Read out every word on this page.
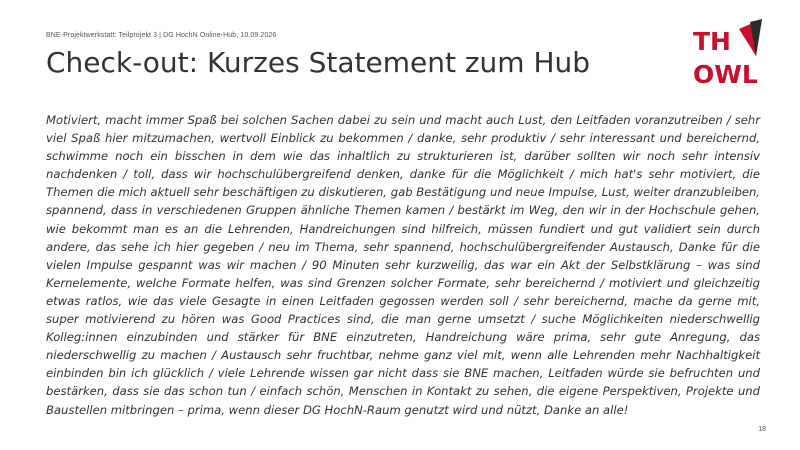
BNE-Projektwerkstatt: Teilprojekt 3 | DG HochN Online-Hub, 10.09.2026
Check-out: Kurzes Statement zum Hub
TH
OWL

Motiviert, macht immer Spaß bei solchen Sachen dabei zu sein und macht auch Lust, den Leitfaden voranzutreiben / sehr viel Spaß hier mitzumachen, wertvoll Einblick zu bekommen / danke, sehr produktiv / sehr interessant und bereichernd, schwimme noch ein bisschen in dem wie das inhaltlich zu strukturieren ist, darüber sollten wir noch sehr intensiv nachdenken / toll, dass wir hochschulübergreifend denken, danke für die Möglichkeit / mich hat's sehr motiviert, die Themen die mich aktuell sehr beschäftigen zu diskutieren, gab Bestätigung und neue Impulse, Lust, weiter dranzubleiben, spannend, dass in verschiedenen Gruppen ähnliche Themen kamen / bestärkt im Weg, den wir in der Hochschule gehen, wie bekommt man es an die Lehrenden, Handreichungen sind hilfreich, müssen fundiert und gut validiert sein durch andere, das sehe ich hier gegeben / neu im Thema, sehr spannend, hochschulübergreifender Austausch, Danke für die vielen Impulse gespannt was wir machen / 90 Minuten sehr kurzweilig, das war ein Akt der Selbstklärung – was sind Kernelemente, welche Formate helfen, was sind Grenzen solcher Formate, sehr bereichernd / motiviert und gleichzeitig etwas ratlos, wie das viele Gesagte in einen Leitfaden gegossen werden soll / sehr bereichernd, mache da gerne mit, super motivierend zu hören was Good Practices sind, die man gerne umsetzt / suche Möglichkeiten niederschwellig Kolleg:innen einzubinden und stärker für BNE einzutreten, Handreichung wäre prima, sehr gute Anregung, das niederschwellig zu machen / Austausch sehr fruchtbar, nehme ganz viel mit, wenn alle Lehrenden mehr Nachhaltigkeit einbinden bin ich glücklich / viele Lehrende wissen gar nicht dass sie BNE machen, Leitfaden würde sie befruchten und bestärken, dass sie das schon tun / einfach schön, Menschen in Kontakt zu sehen, die eigene Perspektiven, Projekte und Baustellen mitbringen – prima, wenn dieser DG HochN-Raum genutzt wird und nützt, Danke an alle!

18
